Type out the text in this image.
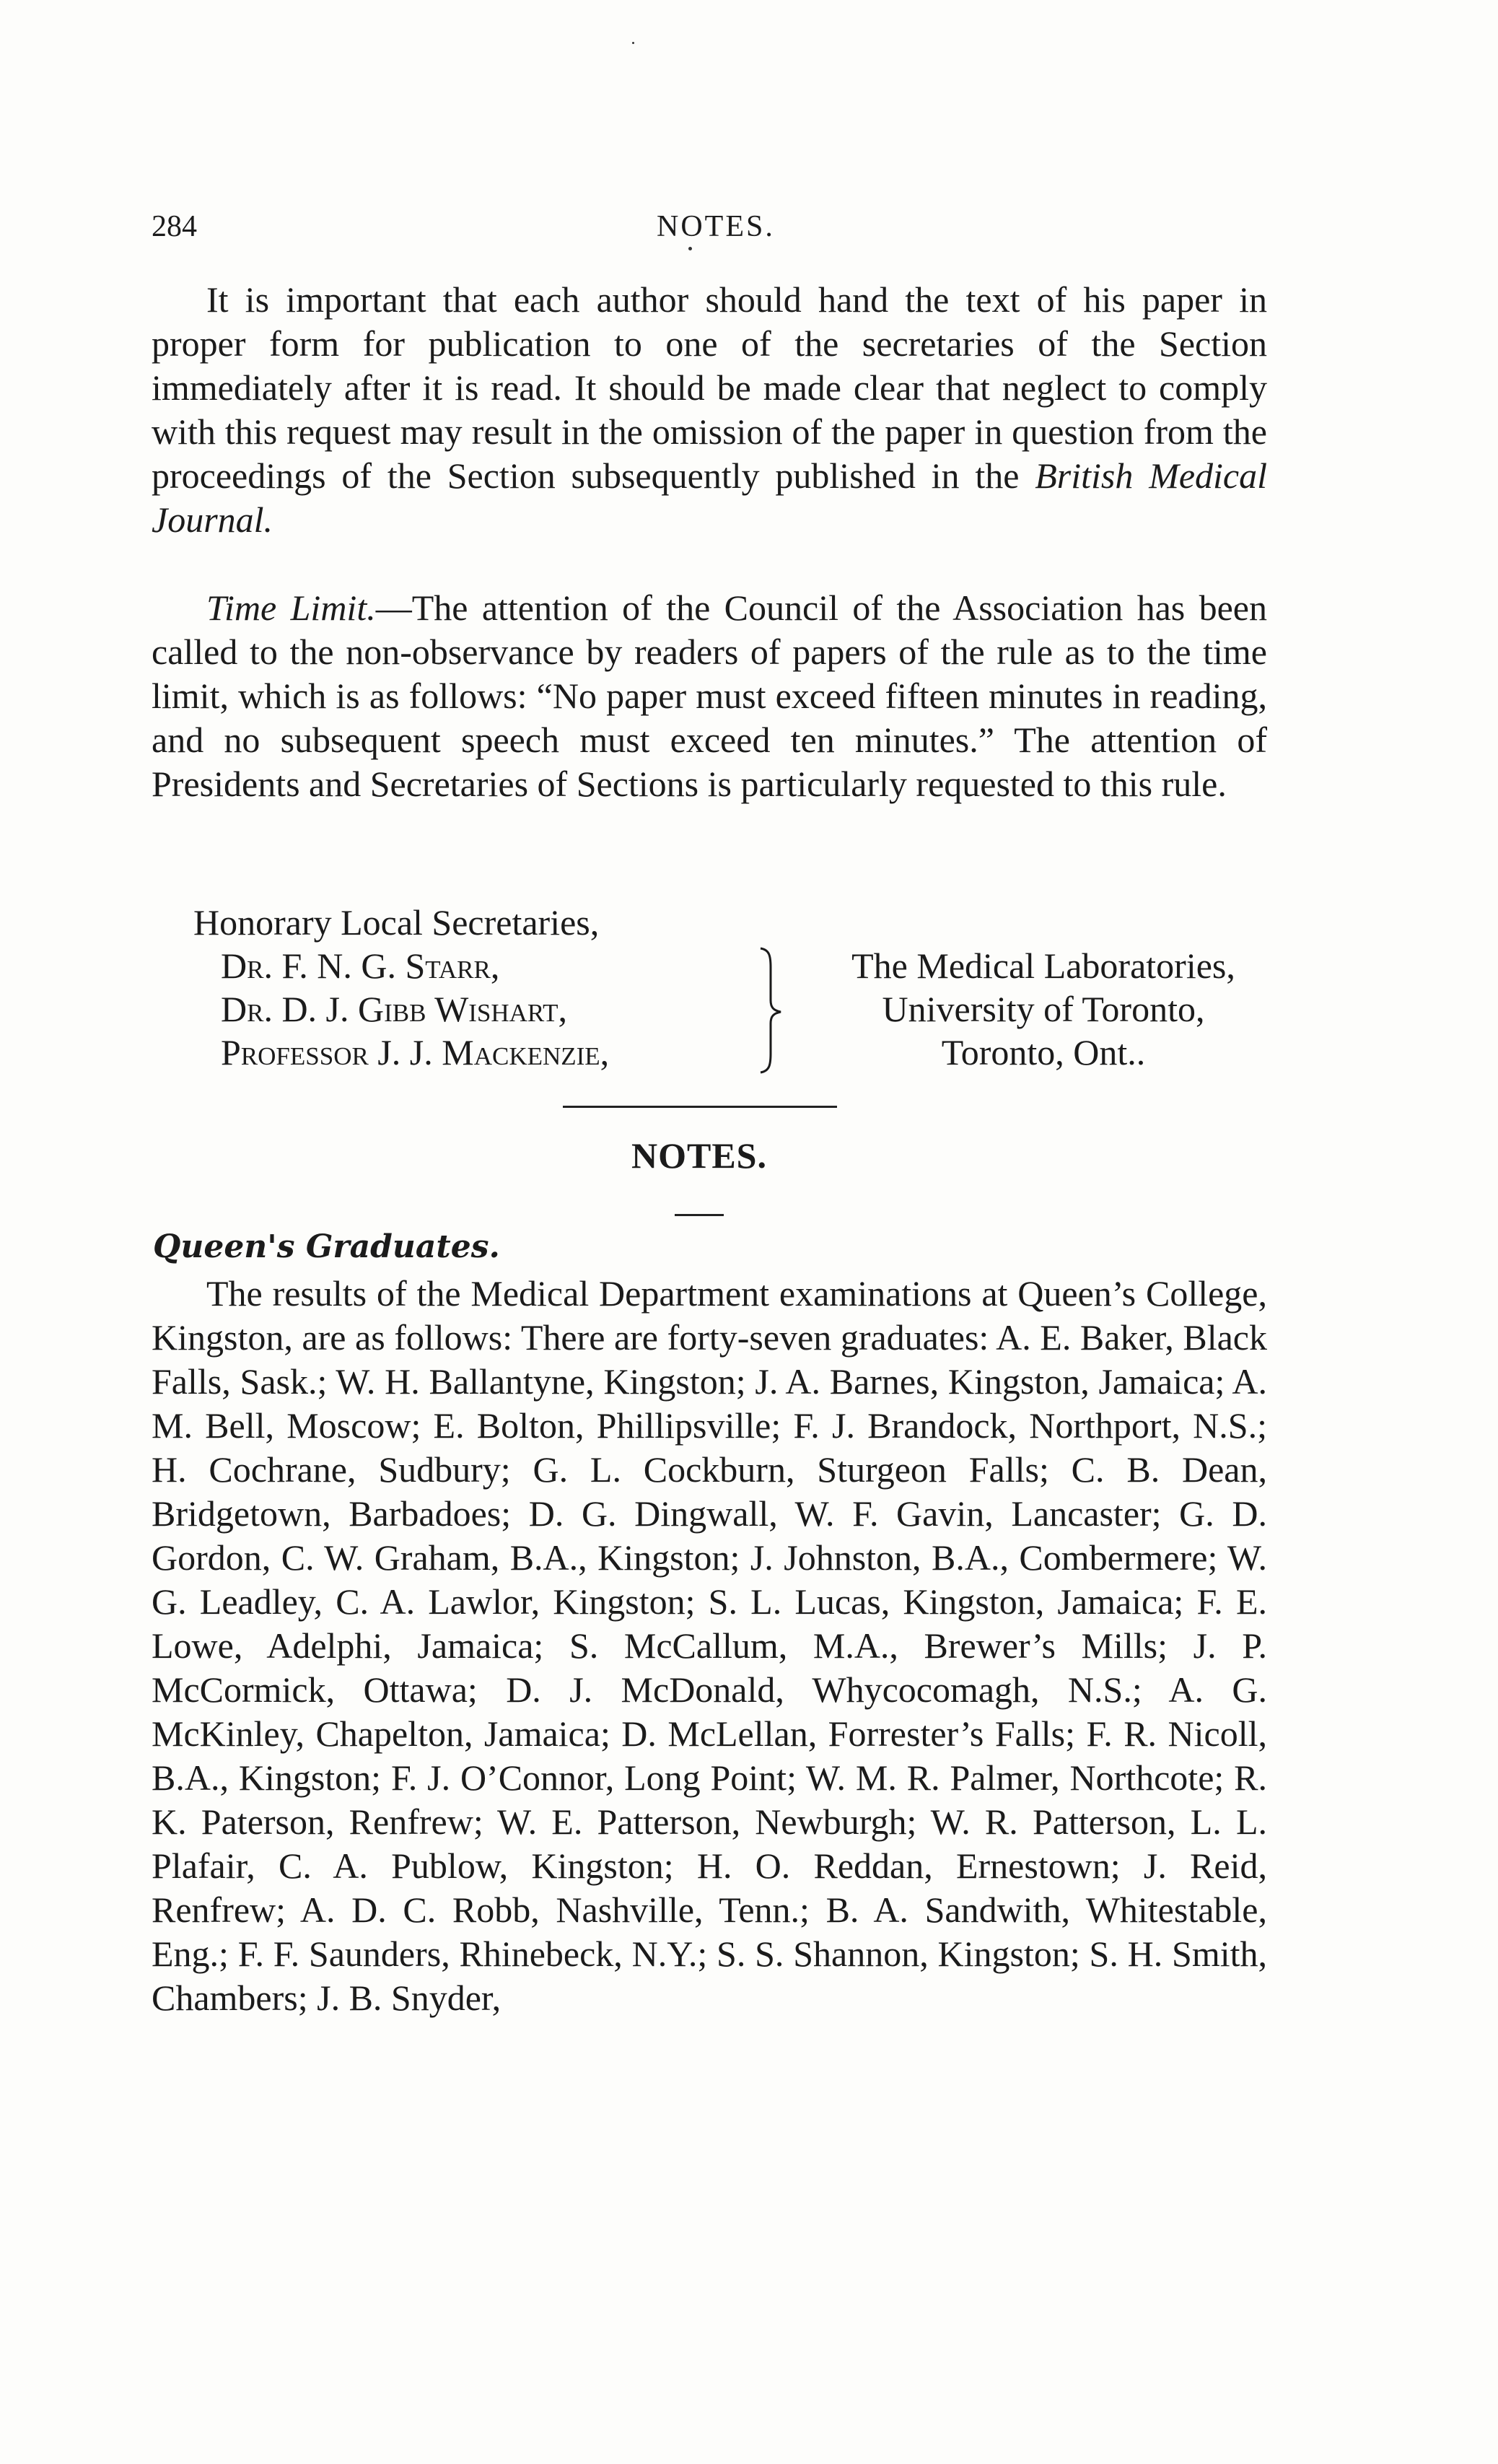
284	NOTES.

It is important that each author should hand the text of his paper in proper form for publication to one of the secretaries of the Section immediately after it is read. It should be made clear that neglect to comply with this request may result in the omission of the paper in question from the proceedings of the Section subsequently published in the British Medical Journal.

Time Limit.—The attention of the Council of the Association has been called to the non-observance by readers of papers of the rule as to the time limit, which is as follows: “No paper must exceed fifteen minutes in reading, and no subsequent speech must exceed ten minutes.” The attention of Presidents and Secretaries of Sections is particularly requested to this rule.

Honorary Local Secretaries,
Dr. F. N. G. Starr,
Dr. D. J. Gibb Wishart,
Professor J. J. Mackenzie,
The Medical Laboratories,
University of Toronto,
Toronto, Ont..
NOTES.
Queen's Graduates.

The results of the Medical Department examinations at Queen’s College, Kingston, are as follows: There are forty-seven graduates: A. E. Baker, Black Falls, Sask.; W. H. Ballantyne, Kingston; J. A. Barnes, Kingston, Jamaica; A. M. Bell, Moscow; E. Bolton, Phillipsville; F. J. Brandock, Northport, N.S.; H. Cochrane, Sudbury; G. L. Cockburn, Sturgeon Falls; C. B. Dean, Bridgetown, Barbadoes; D. G. Dingwall, W. F. Gavin, Lancaster; G. D. Gordon, C. W. Graham, B.A., Kingston; J. Johnston, B.A., Combermere; W. G. Leadley, C. A. Lawlor, Kingston; S. L. Lucas, Kingston, Jamaica; F. E. Lowe, Adelphi, Jamaica; S. McCallum, M.A., Brewer’s Mills; J. P. McCormick, Ottawa; D. J. McDonald, Whycocomagh, N.S.; A. G. McKinley, Chapelton, Jamaica; D. McLellan, Forrester’s Falls; F. R. Nicoll, B.A., Kingston; F. J. O’Connor, Long Point; W. M. R. Palmer, Northcote; R. K. Paterson, Renfrew; W. E. Patterson, Newburgh; W. R. Patterson, L. L. Plafair, C. A. Publow, Kingston; H. O. Reddan, Ernestown; J. Reid, Renfrew; A. D. C. Robb, Nashville, Tenn.; B. A. Sandwith, Whitestable, Eng.; F. F. Saunders, Rhinebeck, N.Y.; S. S. Shannon, Kingston; S. H. Smith, Chambers; J. B. Snyder,
